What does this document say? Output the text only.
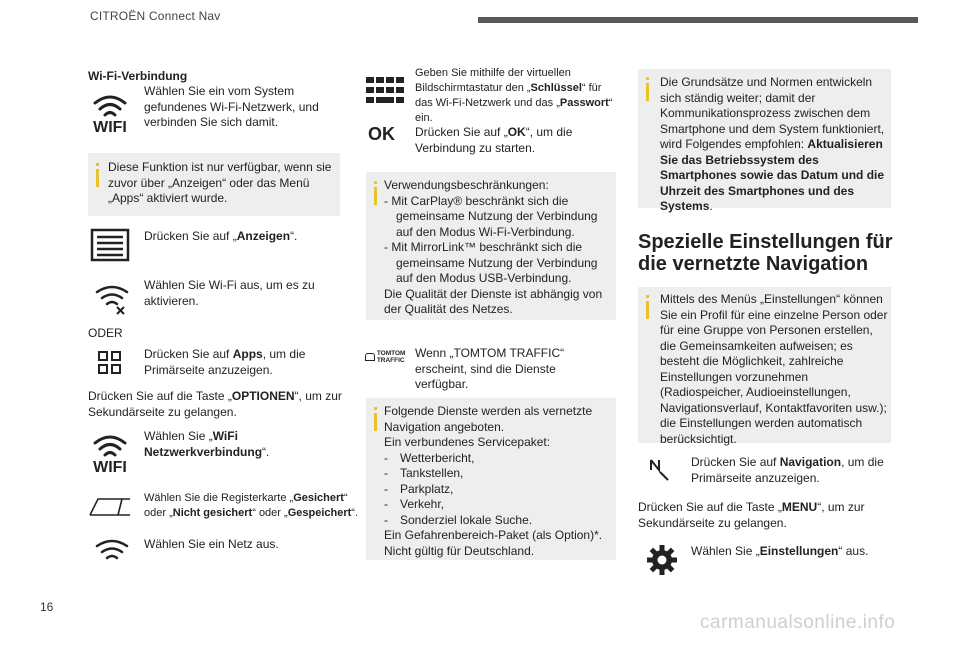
CITROËN Connect Nav
Wi-Fi-Verbindung
WIFI
Wählen Sie ein vom System gefundenes Wi-Fi-Netzwerk, und verbinden Sie sich damit.
Diese Funktion ist nur verfügbar, wenn sie zuvor über „Anzeigen“ oder das Menü „Apps“ aktiviert wurde.
Drücken Sie auf „Anzeigen“.
Wählen Sie Wi-Fi aus, um es zu aktivieren.
ODER
Drücken Sie auf Apps, um die Primärseite anzuzeigen.
Drücken Sie auf die Taste „OPTIONEN“, um zur Sekundärseite zu gelangen.
WIFI
Wählen Sie „WiFi Netzwerkverbindung“.
Wählen Sie die Registerkarte „Gesichert“ oder „Nicht gesichert“ oder „Gespeichert“.
Wählen Sie ein Netz aus.
Geben Sie mithilfe der virtuellen Bildschirmtastatur den „Schlüssel“ für das Wi-Fi-Netzwerk und das „Passwort“ ein.
OK Drücken Sie auf „OK“, um die Verbindung zu starten.
Verwendungsbeschränkungen:
- Mit CarPlay® beschränkt sich die gemeinsame Nutzung der Verbindung auf den Modus Wi-Fi-Verbindung.
- Mit MirrorLink™ beschränkt sich die gemeinsame Nutzung der Verbindung auf den Modus USB-Verbindung.
Die Qualität der Dienste ist abhängig von der Qualität des Netzes.
TOMTOM TRAFFIC
Wenn „TOMTOM TRAFFIC“ erscheint, sind die Dienste verfügbar.
Folgende Dienste werden als vernetzte Navigation angeboten.
Ein verbundenes Servicepaket:
- Wetterbericht,
- Tankstellen,
- Parkplatz,
- Verkehr,
- Sonderziel lokale Suche.
Ein Gefahrenbereich-Paket (als Option)*.
Nicht gültig für Deutschland.
Die Grundsätze und Normen entwickeln sich ständig weiter; damit der Kommunikationsprozess zwischen dem Smartphone und dem System funktioniert, wird Folgendes empfohlen: Aktualisieren Sie das Betriebssystem des Smartphones sowie das Datum und die Uhrzeit des Smartphones und des Systems.
Spezielle Einstellungen für die vernetzte Navigation
Mittels des Menüs „Einstellungen“ können Sie ein Profil für eine einzelne Person oder für eine Gruppe von Personen erstellen, die Gemeinsamkeiten aufweisen; es besteht die Möglichkeit, zahlreiche Einstellungen vorzunehmen (Radiospeicher, Audioeinstellungen, Navigationsverlauf, Kontaktfavoriten usw.); die Einstellungen werden automatisch berücksichtigt.
Drücken Sie auf Navigation, um die Primärseite anzuzeigen.
Drücken Sie auf die Taste „MENU“, um zur Sekundärseite zu gelangen.
Wählen Sie „Einstellungen“ aus.
16
carmanualsonline.info
